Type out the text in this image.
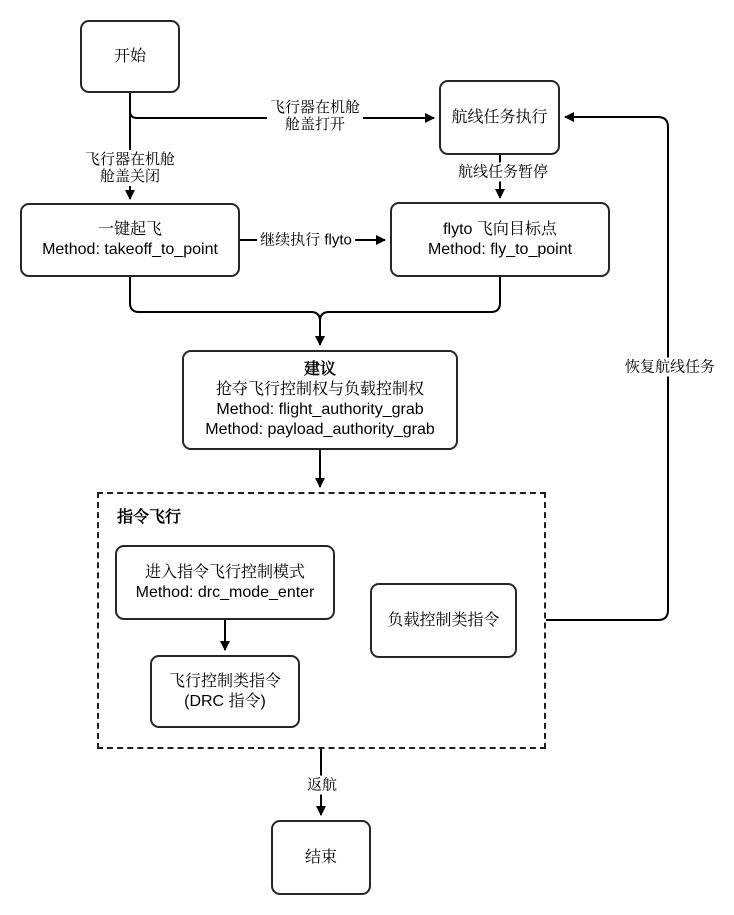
指令飞行
开始
航线任务执行
一键起飞
Method: takeoff_to_point
flyto 飞向目标点
Method: fly_to_point
建议
抢夺飞行控制权与负载控制权
Method: flight_authority_grab
Method: payload_authority_grab
进入指令飞行控制模式
Method: drc_mode_enter
飞行控制类指令
(DRC 指令)
负载控制类指令
结束
飞行器在机舱
舱盖打开
飞行器在机舱
舱盖关闭	航线任务暂停
继续执行 flyto
恢复航线任务
返航
